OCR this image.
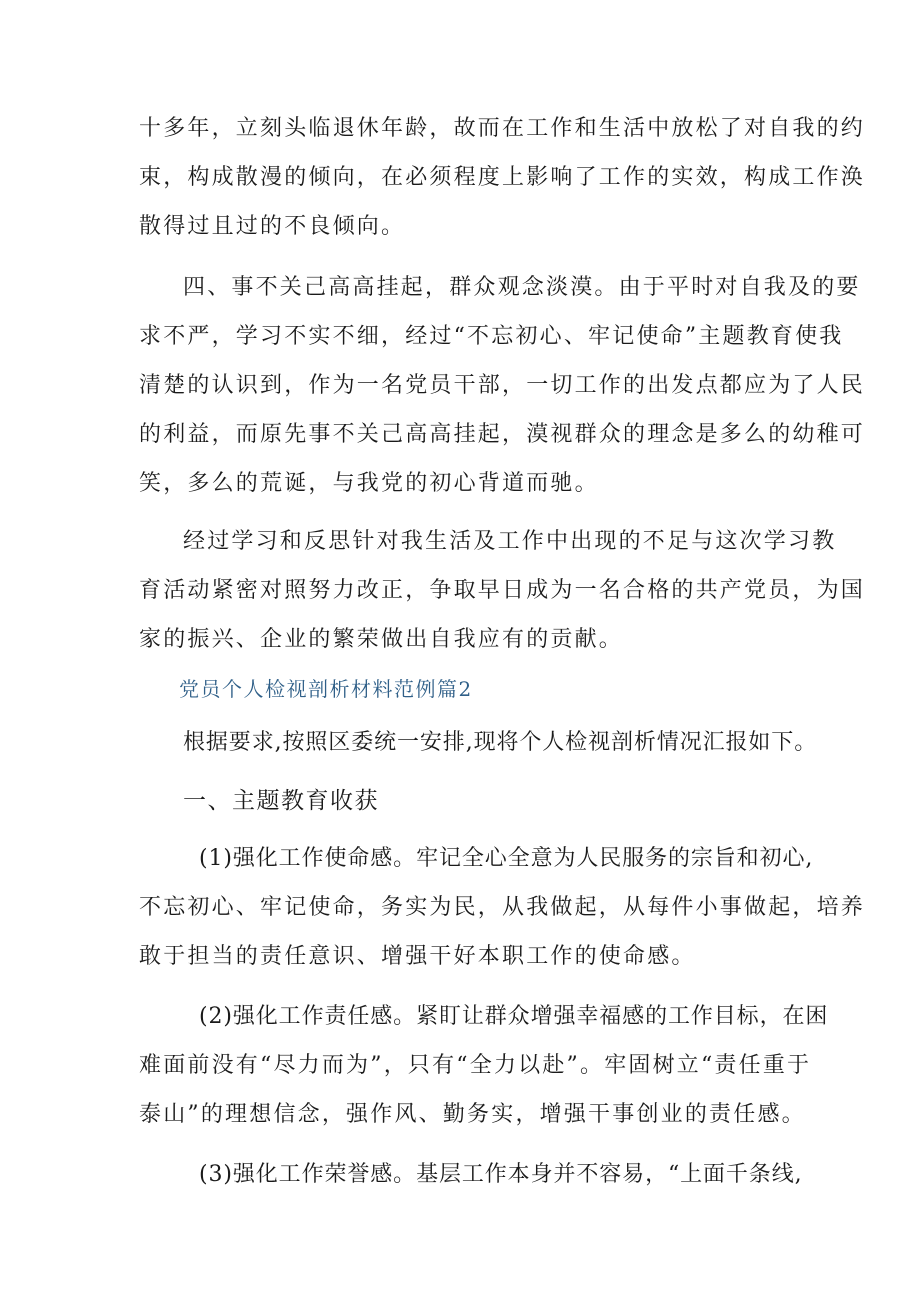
十多年，立刻头临退休年龄，故而在工作和生活中放松了对自我的约
束，构成散漫的倾向，在必须程度上影响了工作的实效，构成工作涣
散得过且过的不良倾向。
四、事不关己高高挂起，群众观念淡漠。由于平时对自我及的要
求不严，学习不实不细，经过“不忘初心、牢记使命”主题教育使我
清楚的认识到，作为一名党员干部，一切工作的出发点都应为了人民
的利益，而原先事不关己高高挂起，漠视群众的理念是多么的幼稚可
笑，多么的荒诞，与我党的初心背道而驰。
经过学习和反思针对我生活及工作中出现的不足与这次学习教
育活动紧密对照努力改正，争取早日成为一名合格的共产党员，为国
家的振兴、企业的繁荣做出自我应有的贡献。
党员个人检视剖析材料范例篇2
根据要求,按照区委统一安排,现将个人检视剖析情况汇报如下。
一、主题教育收获
(1)强化工作使命感。牢记全心全意为人民服务的宗旨和初心,
不忘初心、牢记使命，务实为民，从我做起，从每件小事做起，培养
敢于担当的责任意识、增强干好本职工作的使命感。
(2)强化工作责任感。紧盯让群众增强幸福感的工作目标，在困
难面前没有“尽力而为”，只有“全力以赴”。牢固树立“责任重于
泰山”的理想信念，强作风、勤务实，增强干事创业的责任感。
(3)强化工作荣誉感。基层工作本身并不容易，“上面千条线,
